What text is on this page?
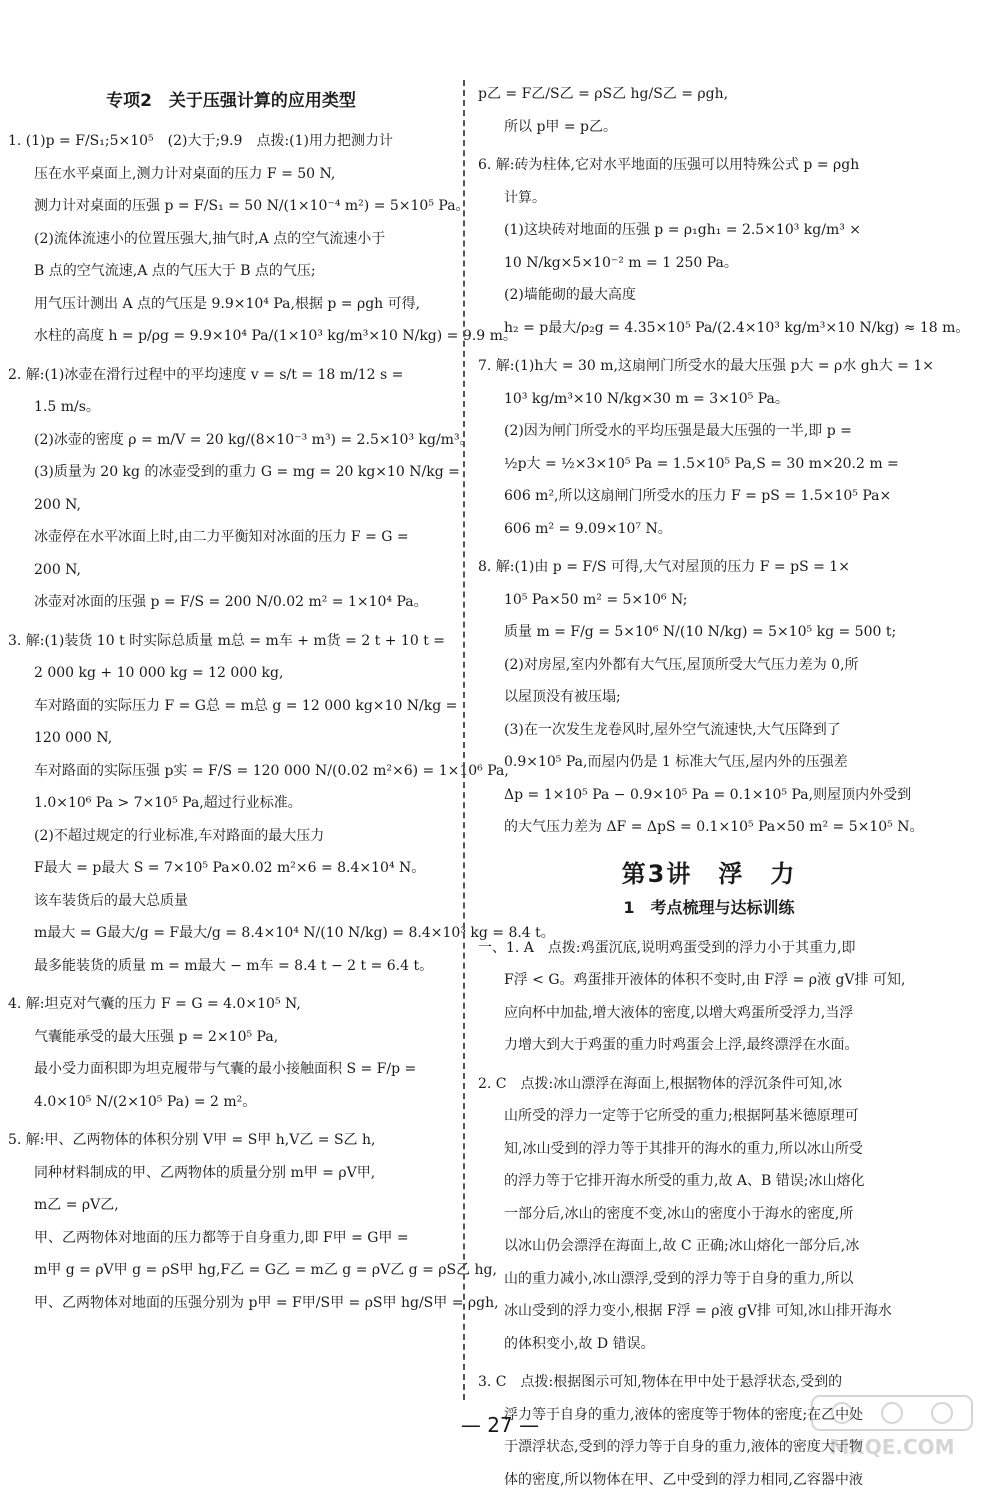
专项2　关于压强计算的应用类型
1. (1)p = F/S₁;5×10⁵　(2)大于;9.9　点拨:(1)用力把测力计
压在水平桌面上,测力计对桌面的压力 F = 50 N,
测力计对桌面的压强 p = F/S₁ = 50 N/(1×10⁻⁴ m²) = 5×10⁵ Pa。
(2)流体流速小的位置压强大,抽气时,A 点的空气流速小于
B 点的空气流速,A 点的气压大于 B 点的气压;
用气压计测出 A 点的气压是 9.9×10⁴ Pa,根据 p = ρgh 可得,
水柱的高度 h = p/ρg = 9.9×10⁴ Pa/(1×10³ kg/m³×10 N/kg) = 9.9 m。
2. 解:(1)冰壶在滑行过程中的平均速度 v = s/t = 18 m/12 s =
1.5 m/s。
(2)冰壶的密度 ρ = m/V = 20 kg/(8×10⁻³ m³) = 2.5×10³ kg/m³。
(3)质量为 20 kg 的冰壶受到的重力 G = mg = 20 kg×10 N/kg =
200 N,
冰壶停在水平冰面上时,由二力平衡知对冰面的压力 F = G =
200 N,
冰壶对冰面的压强 p = F/S = 200 N/0.02 m² = 1×10⁴ Pa。
3. 解:(1)装货 10 t 时实际总质量 m总 = m车 + m货 = 2 t + 10 t =
2 000 kg + 10 000 kg = 12 000 kg,
车对路面的实际压力 F = G总 = m总 g = 12 000 kg×10 N/kg =
120 000 N,
车对路面的实际压强 p实 = F/S = 120 000 N/(0.02 m²×6) = 1×10⁶ Pa,
1.0×10⁶ Pa > 7×10⁵ Pa,超过行业标准。
(2)不超过规定的行业标准,车对路面的最大压力
F最大 = p最大 S = 7×10⁵ Pa×0.02 m²×6 = 8.4×10⁴ N。
该车装货后的最大总质量
m最大 = G最大/g = F最大/g = 8.4×10⁴ N/(10 N/kg) = 8.4×10³ kg = 8.4 t。
最多能装货的质量 m = m最大 − m车 = 8.4 t − 2 t = 6.4 t。
4. 解:坦克对气囊的压力 F = G = 4.0×10⁵ N,
气囊能承受的最大压强 p = 2×10⁵ Pa,
最小受力面积即为坦克履带与气囊的最小接触面积 S = F/p =
4.0×10⁵ N/(2×10⁵ Pa) = 2 m²。
5. 解:甲、乙两物体的体积分别 V甲 = S甲 h,V乙 = S乙 h,
同种材料制成的甲、乙两物体的质量分别 m甲 = ρV甲,
m乙 = ρV乙,
甲、乙两物体对地面的压力都等于自身重力,即 F甲 = G甲 =
m甲 g = ρV甲 g = ρS甲 hg,F乙 = G乙 = m乙 g = ρV乙 g = ρS乙 hg,
甲、乙两物体对地面的压强分别为 p甲 = F甲/S甲 = ρS甲 hg/S甲 = ρgh,
p乙 = F乙/S乙 = ρS乙 hg/S乙 = ρgh,
所以 p甲 = p乙。
6. 解:砖为柱体,它对水平地面的压强可以用特殊公式 p = ρgh
计算。
(1)这块砖对地面的压强 p = ρ₁gh₁ = 2.5×10³ kg/m³ ×
10 N/kg×5×10⁻² m = 1 250 Pa。
(2)墙能砌的最大高度
h₂ = p最大/ρ₂g = 4.35×10⁵ Pa/(2.4×10³ kg/m³×10 N/kg) ≈ 18 m。
7. 解:(1)h大 = 30 m,这扇闸门所受水的最大压强 p大 = ρ水 gh大 = 1×
10³ kg/m³×10 N/kg×30 m = 3×10⁵ Pa。
(2)因为闸门所受水的平均压强是最大压强的一半,即 p =
½p大 = ½×3×10⁵ Pa = 1.5×10⁵ Pa,S = 30 m×20.2 m =
606 m²,所以这扇闸门所受水的压力 F = pS = 1.5×10⁵ Pa×
606 m² = 9.09×10⁷ N。
8. 解:(1)由 p = F/S 可得,大气对屋顶的压力 F = pS = 1×
10⁵ Pa×50 m² = 5×10⁶ N;
质量 m = F/g = 5×10⁶ N/(10 N/kg) = 5×10⁵ kg = 500 t;
(2)对房屋,室内外都有大气压,屋顶所受大气压力差为 0,所
以屋顶没有被压塌;
(3)在一次发生龙卷风时,屋外空气流速快,大气压降到了
0.9×10⁵ Pa,而屋内仍是 1 标准大气压,屋内外的压强差
Δp = 1×10⁵ Pa − 0.9×10⁵ Pa = 0.1×10⁵ Pa,则屋顶内外受到
的大气压力差为 ΔF = ΔpS = 0.1×10⁵ Pa×50 m² = 5×10⁵ N。
第3讲　浮　力
1　考点梳理与达标训练
一、1. A　点拨:鸡蛋沉底,说明鸡蛋受到的浮力小于其重力,即
F浮 < G。鸡蛋排开液体的体积不变时,由 F浮 = ρ液 gV排 可知,
应向杯中加盐,增大液体的密度,以增大鸡蛋所受浮力,当浮
力增大到大于鸡蛋的重力时鸡蛋会上浮,最终漂浮在水面。
2. C　点拨:冰山漂浮在海面上,根据物体的浮沉条件可知,冰
山所受的浮力一定等于它所受的重力;根据阿基米德原理可
知,冰山受到的浮力等于其排开的海水的重力,所以冰山所受
的浮力等于它排开海水所受的重力,故 A、B 错误;冰山熔化
一部分后,冰山的密度不变,冰山的密度小于海水的密度,所
以冰山仍会漂浮在海面上,故 C 正确;冰山熔化一部分后,冰
山的重力减小,冰山漂浮,受到的浮力等于自身的重力,所以
冰山受到的浮力变小,根据 F浮 = ρ液 gV排 可知,冰山排开海水
的体积变小,故 D 错误。
3. C　点拨:根据图示可知,物体在甲中处于悬浮状态,受到的
浮力等于自身的重力,液体的密度等于物体的密度;在乙中处
于漂浮状态,受到的浮力等于自身的重力,液体的密度大于物
体的密度,所以物体在甲、乙中受到的浮力相同,乙容器中液
— 27 —
MXQE.COM
